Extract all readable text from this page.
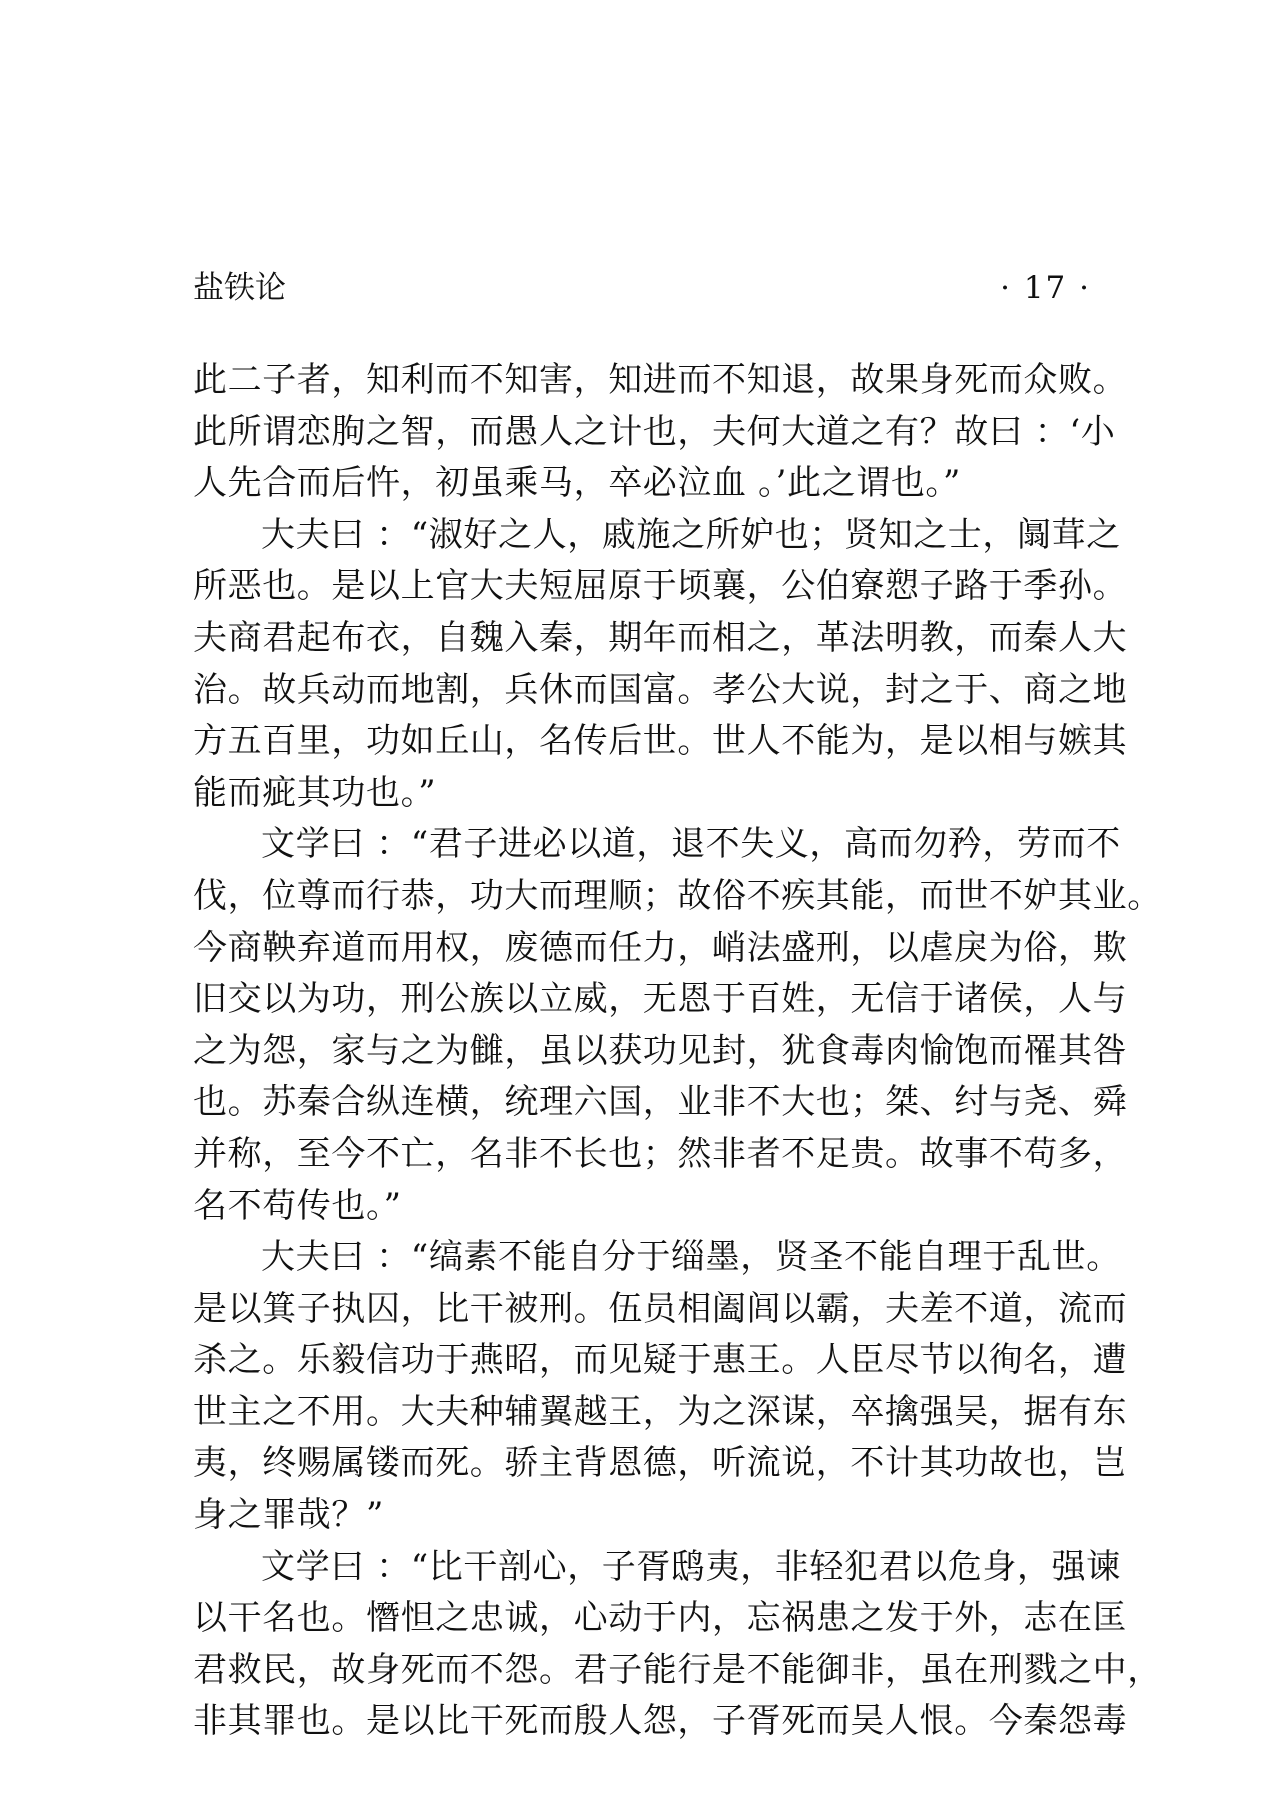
盐铁论	· 17 ·
此二子者，知利而不知害，知进而不知退，故果身死而众败。
此所谓恋朐之智，而愚人之计也，夫何大道之有？故曰 ：‘小
人先合而后忤，初虽乘马，卒必泣血 。’此之谓也。”
大夫曰 ：“淑好之人，戚施之所妒也；贤知之士，阘茸之
所恶也。是以上官大夫短屈原于顷襄，公伯寮愬子路于季孙。
夫商君起布衣，自魏入秦，期年而相之，革法明教，而秦人大
治。故兵动而地割，兵休而国富。孝公大说，封之于、商之地
方五百里，功如丘山，名传后世。世人不能为，是以相与嫉其
能而疵其功也。”
文学曰 ：“君子进必以道，退不失义，高而勿矜，劳而不
伐，位尊而行恭，功大而理顺；故俗不疾其能，而世不妒其业。
今商鞅弃道而用权，废德而任力，峭法盛刑，以虐戾为俗，欺
旧交以为功，刑公族以立威，无恩于百姓，无信于诸侯，人与
之为怨，家与之为雠，虽以获功见封，犹食毒肉愉饱而罹其咎
也。苏秦合纵连横，统理六国，业非不大也；桀、纣与尧、舜
并称，至今不亡，名非不长也；然非者不足贵。故事不苟多，
名不苟传也。”
大夫曰 ：“缟素不能自分于缁墨，贤圣不能自理于乱世。
是以箕子执囚，比干被刑。伍员相阖闾以霸，夫差不道，流而
杀之。乐毅信功于燕昭，而见疑于惠王。人臣尽节以徇名，遭
世主之不用。大夫种辅翼越王，为之深谋，卒擒强吴，据有东
夷，终赐属镂而死。骄主背恩德，听流说，不计其功故也，岂
身之罪哉？”
文学曰 ：“比干剖心，子胥鸱夷，非轻犯君以危身，强谏
以干名也。憯怛之忠诚，心动于内，忘祸患之发于外，志在匡
君救民，故身死而不怨。君子能行是不能御非，虽在刑戮之中，
非其罪也。是以比干死而殷人怨，子胥死而吴人恨。今秦怨毒
